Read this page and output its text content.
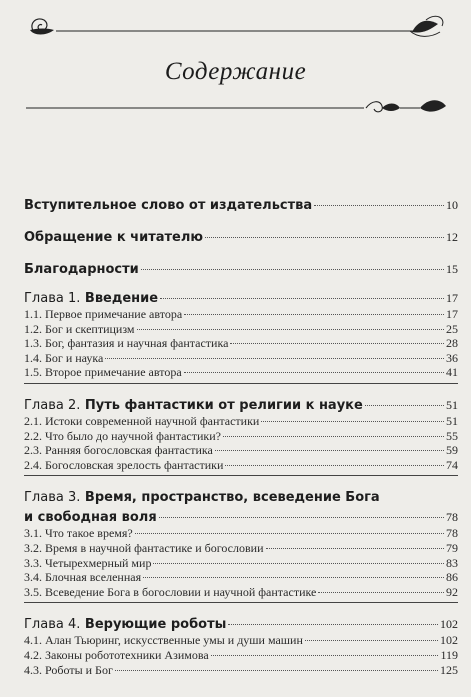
Содержание
Вступительное слово от издательства	10
Обращение к читателю	12
Благодарности	15
Глава 1. Введение	17
1.1. Первое примечание автора	17
1.2. Бог и скептицизм	25
1.3. Бог, фантазия и научная фантастика	28
1.4. Бог и наука	36
1.5. Второе примечание автора	41
Глава 2. Путь фантастики от религии к науке	51
2.1. Истоки современной научной фантастики	51
2.2. Что было до научной фантастики?	55
2.3. Ранняя богословская фантастика	59
2.4. Богословская зрелость фантастики	74
Глава 3. Время, пространство, всеведение Бога
и свободная воля	78
3.1. Что такое время?	78
3.2. Время в научной фантастике и богословии	79
3.3. Четырехмерный мир	83
3.4. Блочная вселенная	86
3.5. Всеведение Бога в богословии и научной фантастике	92
Глава 4. Верующие роботы	102
4.1. Алан Тьюринг, искусственные умы и души машин	102
4.2. Законы робототехники Азимова	119
4.3. Роботы и Бог	125
